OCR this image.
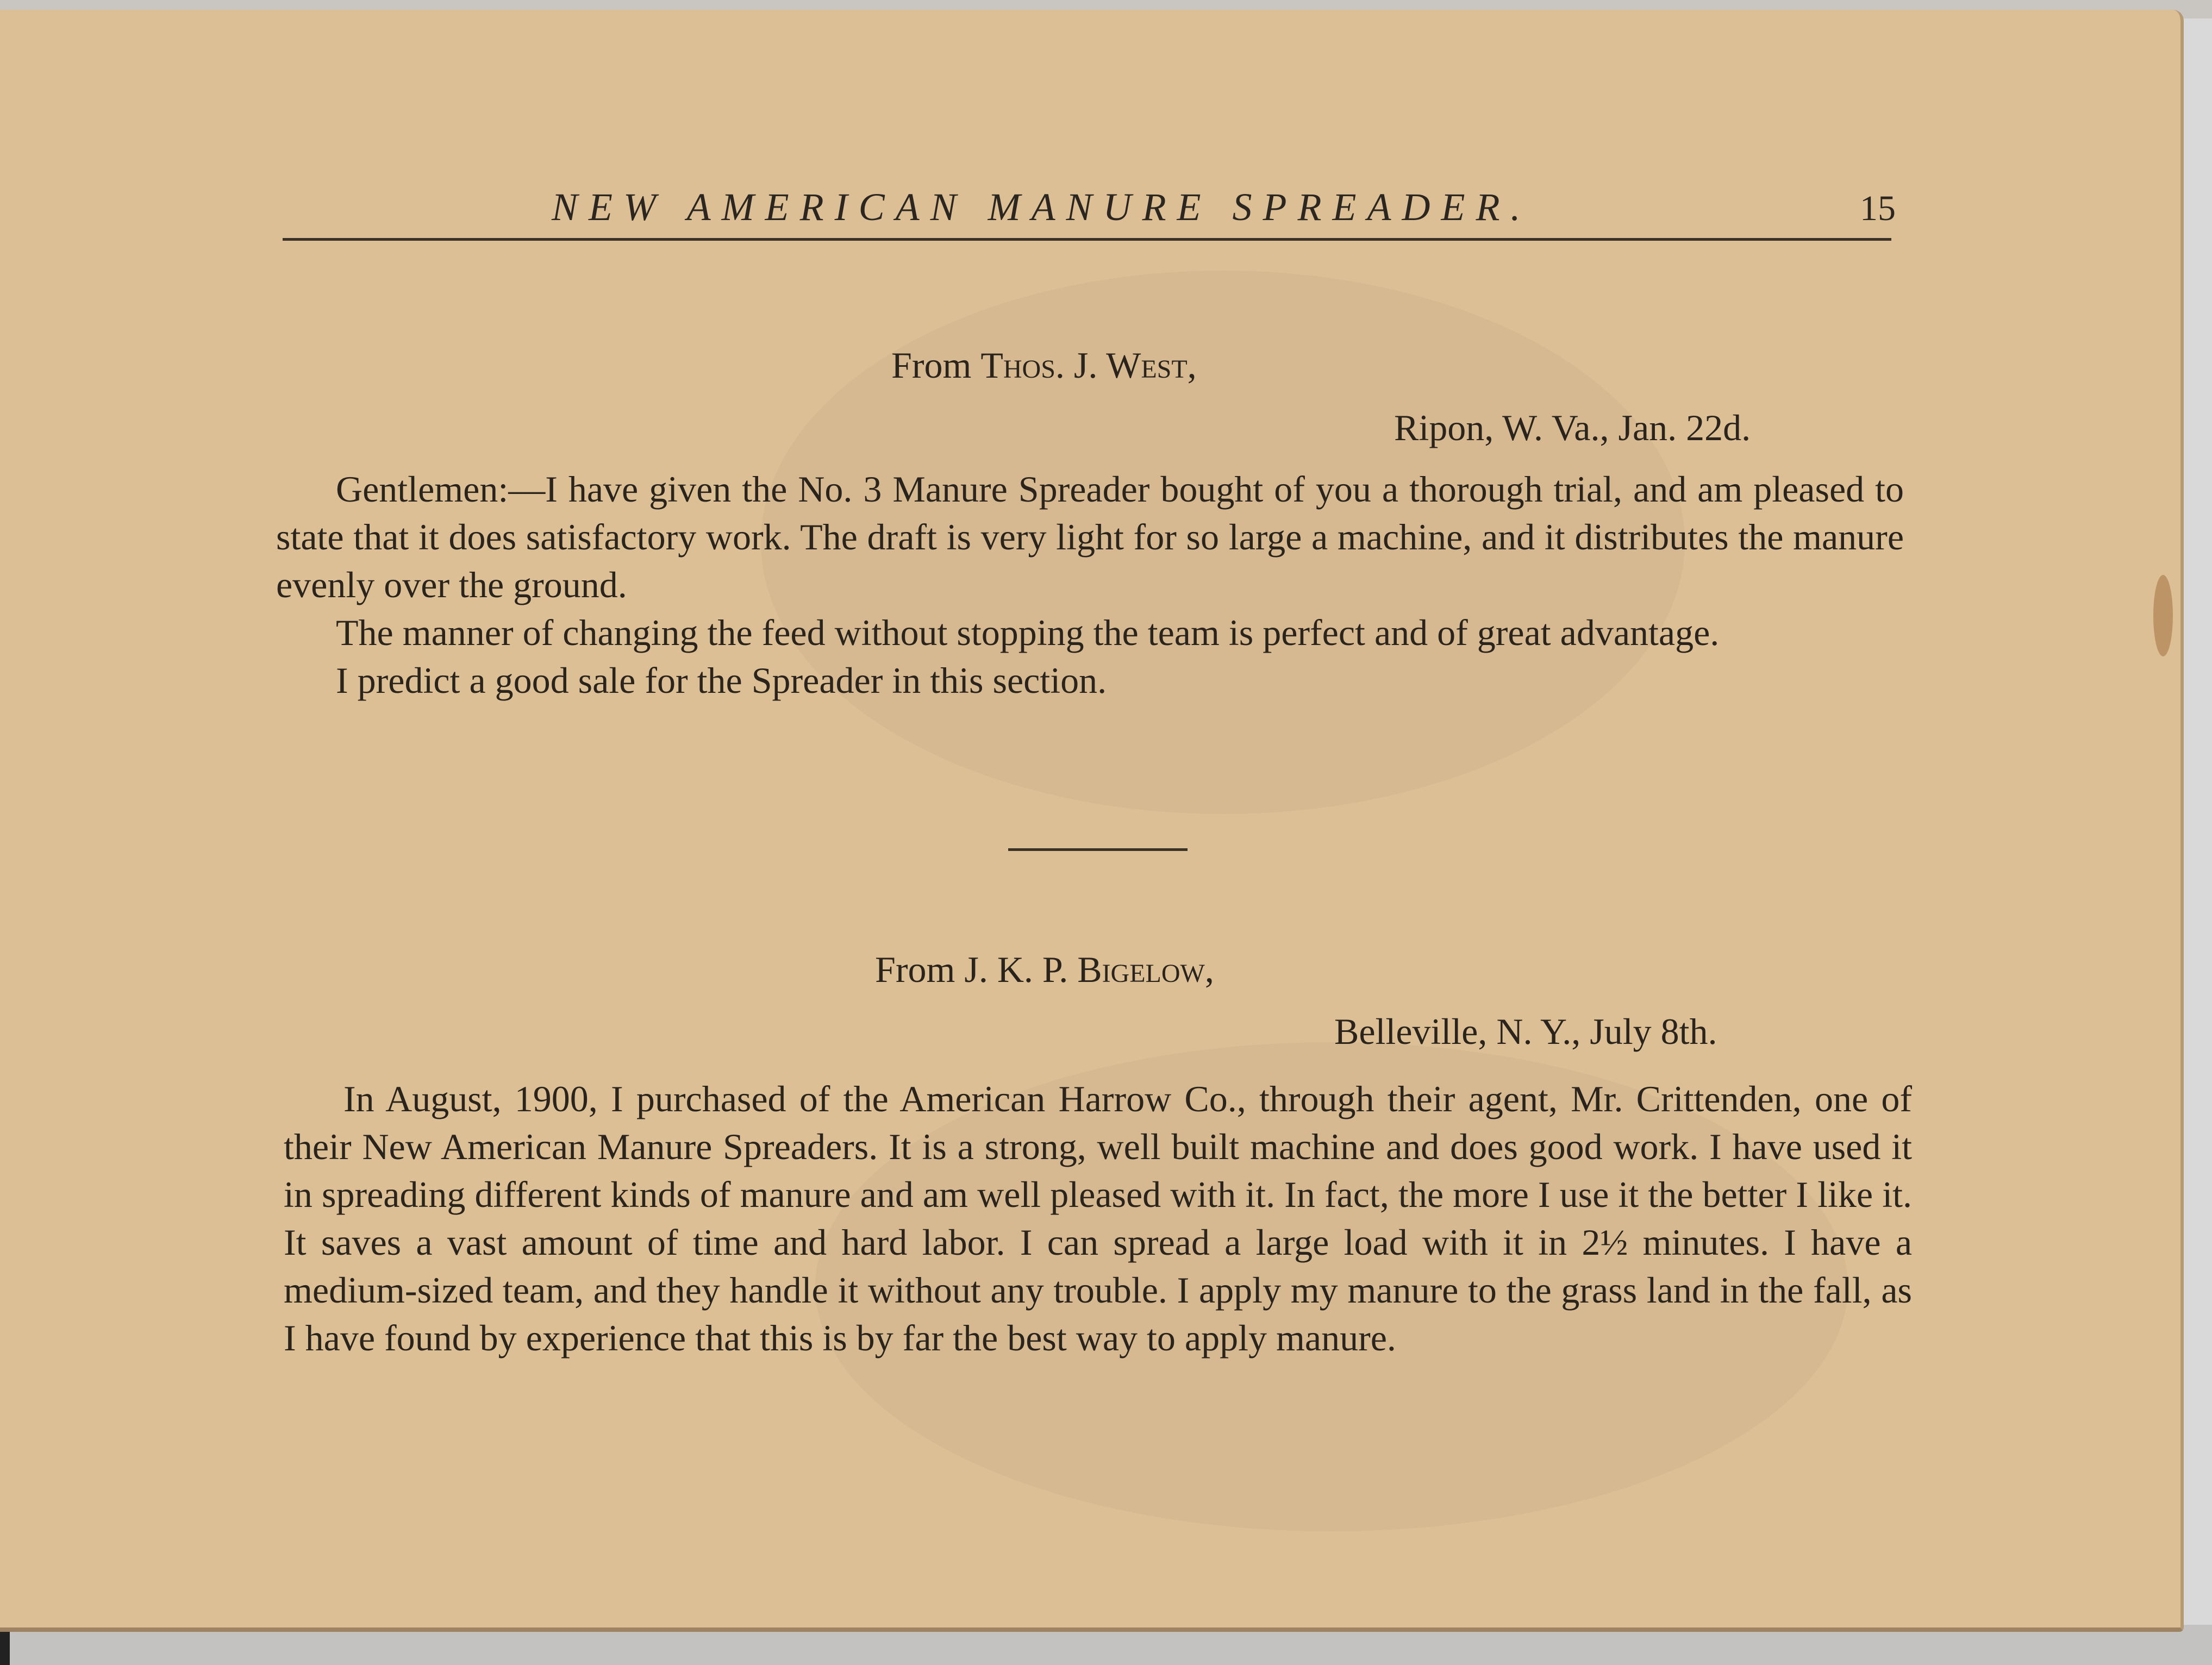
NEW AMERICAN MANURE SPREADER.	15
From Thos. J. West,
Ripon, W. Va., Jan. 22d.

Gentlemen:—I have given the No. 3 Manure Spreader bought of you a thorough trial, and am pleased to state that it does satisfactory work. The draft is very light for so large a machine, and it distributes the manure evenly over the ground.

The manner of changing the feed without stopping the team is perfect and of great advantage.

I predict a good sale for the Spreader in this section.

From J. K. P. Bigelow,
Belleville, N. Y., July 8th.

In August, 1900, I purchased of the American Harrow Co., through their agent, Mr. Crittenden, one of their New American Manure Spreaders. It is a strong, well built machine and does good work. I have used it in spreading different kinds of manure and am well pleased with it. In fact, the more I use it the better I like it. It saves a vast amount of time and hard labor. I can spread a large load with it in 2½ minutes. I have a medium-sized team, and they handle it without any trouble. I apply my manure to the grass land in the fall, as I have found by experience that this is by far the best way to apply manure.
